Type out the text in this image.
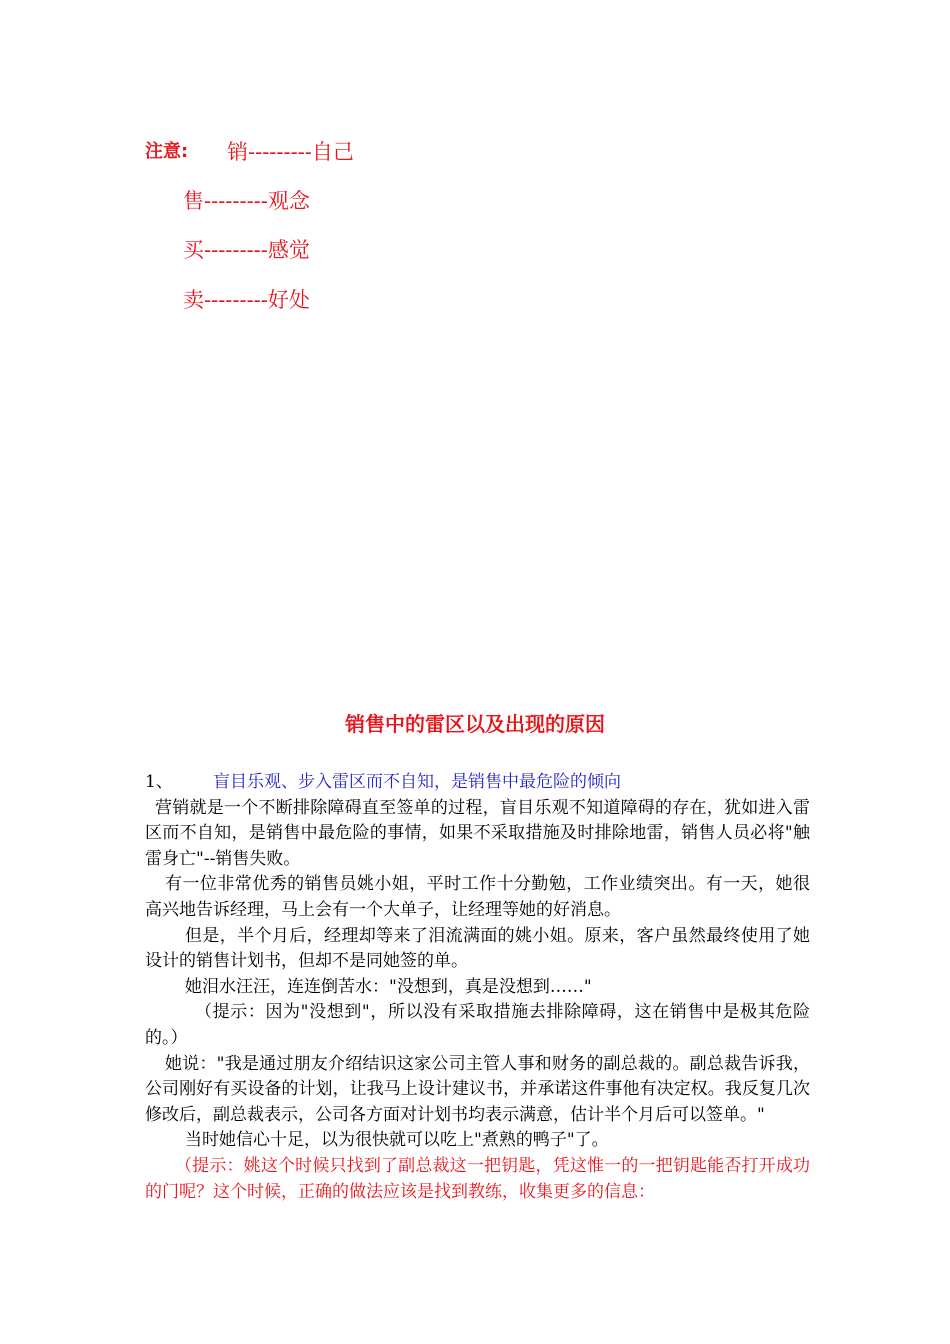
注意: 销---------自己
售---------观念
买---------感觉
卖---------好处
销售中的雷区以及出现的原因

1、 盲目乐观、步入雷区而不自知，是销售中最危险的倾向

营销就是一个不断排除障碍直至签单的过程，盲目乐观不知道障碍的存在，犹如进入雷区而不自知，是销售中最危险的事情，如果不采取措施及时排除地雷，销售人员必将"触雷身亡"--销售失败。

有一位非常优秀的销售员姚小姐，平时工作十分勤勉，工作业绩突出。有一天，她很高兴地告诉经理，马上会有一个大单子，让经理等她的好消息。

但是，半个月后，经理却等来了泪流满面的姚小姐。原来，客户虽然最终使用了她设计的销售计划书，但却不是同她签的单。

她泪水汪汪，连连倒苦水："没想到，真是没想到……"

（提示：因为"没想到"，所以没有采取措施去排除障碍，这在销售中是极其危险的。）

她说："我是通过朋友介绍结识这家公司主管人事和财务的副总裁的。副总裁告诉我，公司刚好有买设备的计划，让我马上设计建议书，并承诺这件事他有决定权。我反复几次修改后，副总裁表示，公司各方面对计划书均表示满意，估计半个月后可以签单。"

当时她信心十足，以为很快就可以吃上"煮熟的鸭子"了。

（提示：姚这个时候只找到了副总裁这一把钥匙，凭这惟一的一把钥匙能否打开成功的门呢？这个时候，正确的做法应该是找到教练，收集更多的信息：
